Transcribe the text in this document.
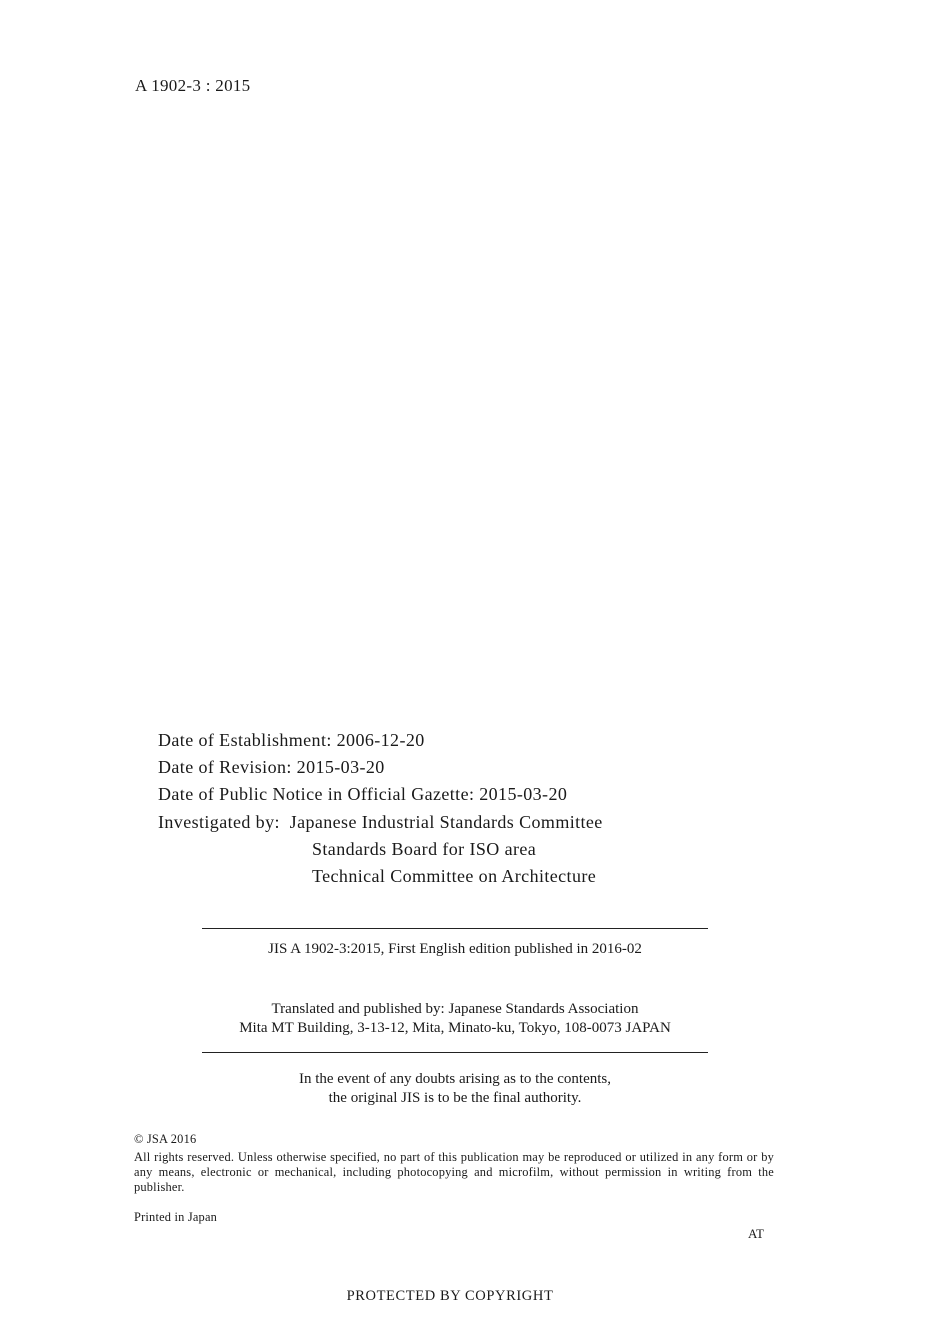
A 1902-3 : 2015
Date of Establishment: 2006-12-20
Date of Revision: 2015-03-20
Date of Public Notice in Official Gazette: 2015-03-20
Investigated by:  Japanese Industrial Standards Committee
Standards Board for ISO area
Technical Committee on Architecture
JIS A 1902-3:2015, First English edition published in 2016-02
Translated and published by: Japanese Standards Association
Mita MT Building, 3-13-12, Mita, Minato-ku, Tokyo, 108-0073 JAPAN
In the event of any doubts arising as to the contents,
the original JIS is to be the final authority.
© JSA 2016
All rights reserved. Unless otherwise specified, no part of this publication may be reproduced or utilized in any form or by any means, electronic or mechanical, including photocopying and microfilm, without permission in writing from the publisher.
Printed in Japan
AT
PROTECTED BY COPYRIGHT
